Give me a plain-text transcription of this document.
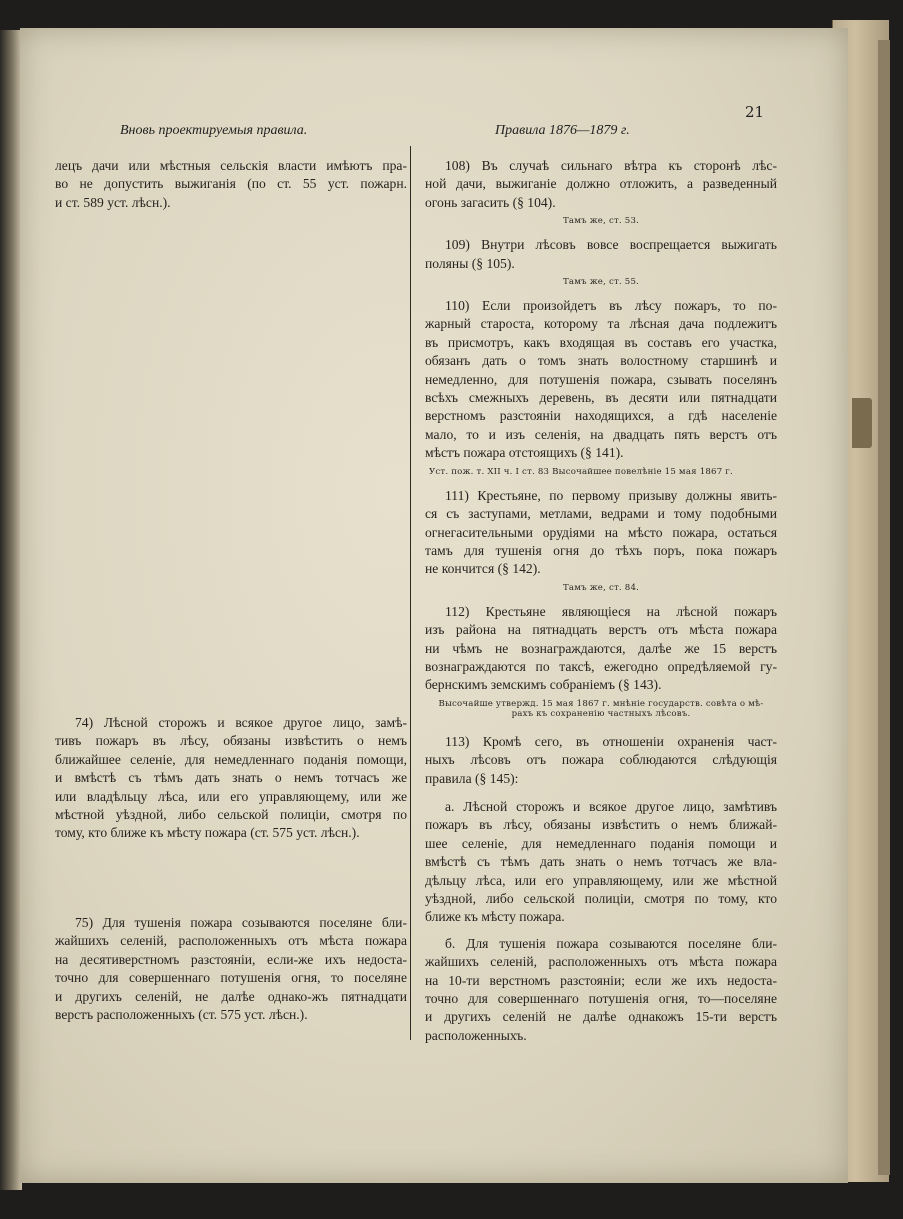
21
Вновь проектируемыя правила.	Правила 1876—1879 г.

лецъ дачи или мѣстныя сельскія власти имѣютъ пра-
во не допустить выжиганія (по ст. 55 уст. пожарн.
и ст. 589 уст. лѣсн.).

74) Лѣсной сторожъ и всякое другое лицо, замѣ-
тивъ пожаръ въ лѣсу, обязаны извѣстить о немъ
ближайшее селеніе, для немедленнаго поданія помощи,
и вмѣстѣ съ тѣмъ дать знать о немъ тотчасъ же
или владѣльцу лѣса, или его управляющему, или же
мѣстной уѣздной, либо сельской полиціи, смотря по
тому, кто ближе къ мѣсту пожара (ст. 575 уст. лѣсн.).

75) Для тушенія пожара созываются поселяне бли-
жайшихъ селеній, расположенныхъ отъ мѣста пожара
на десятиверстномъ разстояніи, если-же ихъ недоста-
точно для совершеннаго потушенія огня, то поселяне
и другихъ селеній, не далѣе однако-жъ пятнадцати
верстъ расположенныхъ (ст. 575 уст. лѣсн.).

108) Въ случаѣ сильнаго вѣтра къ сторонѣ лѣс-
ной дачи, выжиганіе должно отложить, а разведенный
огонь загасить (§ 104).

Тамъ же, ст. 53.

109) Внутри лѣсовъ вовсе воспрещается выжигать
поляны (§ 105).

Тамъ же, ст. 55.

110) Если произойдетъ въ лѣсу пожаръ, то по-
жарный староста, которому та лѣсная дача подлежитъ
въ присмотръ, какъ входящая въ составъ его участка,
обязанъ дать о томъ знать волостному старшинѣ и
немедленно, для потушенія пожара, сзывать поселянъ
всѣхъ смежныхъ деревень, въ десяти или пятнадцати
верстномъ разстояніи находящихся, а гдѣ населеніе
мало, то и изъ селенія, на двадцать пять верстъ отъ
мѣстъ пожара отстоящихъ (§ 141).

Уст. пож. т. XII ч. I ст. 83 Высочайшее повелѣніе 15 мая 1867 г.

111) Крестьяне, по первому призыву должны явить-
ся съ заступами, метлами, ведрами и тому подобными
огнегасительными орудіями на мѣсто пожара, остаться
тамъ для тушенія огня до тѣхъ поръ, пока пожаръ
не кончится (§ 142).

Тамъ же, ст. 84.

112) Крестьяне являющіеся на лѣсной пожаръ
изъ района на пятнадцать верстъ отъ мѣста пожара
ни чѣмъ не вознаграждаются, далѣе же 15 верстъ
вознаграждаются по таксѣ, ежегодно опредѣляемой гу-
бернскимъ земскимъ собраніемъ (§ 143).

Высочайше утвержд. 15 мая 1867 г. мнѣніе государств. совѣта о мѣ-
рахъ къ сохраненію частныхъ лѣсовъ.

113) Кромѣ сего, въ отношеніи охраненія част-
ныхъ лѣсовъ отъ пожара соблюдаются слѣдующія
правила (§ 145):

а. Лѣсной сторожъ и всякое другое лицо, замѣтивъ
пожаръ въ лѣсу, обязаны извѣстить о немъ ближай-
шее селеніе, для немедленнаго поданія помощи и
вмѣстѣ съ тѣмъ дать знать о немъ тотчасъ же вла-
дѣльцу лѣса, или его управляющему, или же мѣстной
уѣздной, либо сельской полиціи, смотря по тому, кто
ближе къ мѣсту пожара.

б. Для тушенія пожара созываются поселяне бли-
жайшихъ селеній, расположенныхъ отъ мѣста пожара
на 10-ти верстномъ разстояніи; если же ихъ недоста-
точно для совершеннаго потушенія огня, то—поселяне
и другихъ селеній не далѣе однакожъ 15-ти верстъ
расположенныхъ.
